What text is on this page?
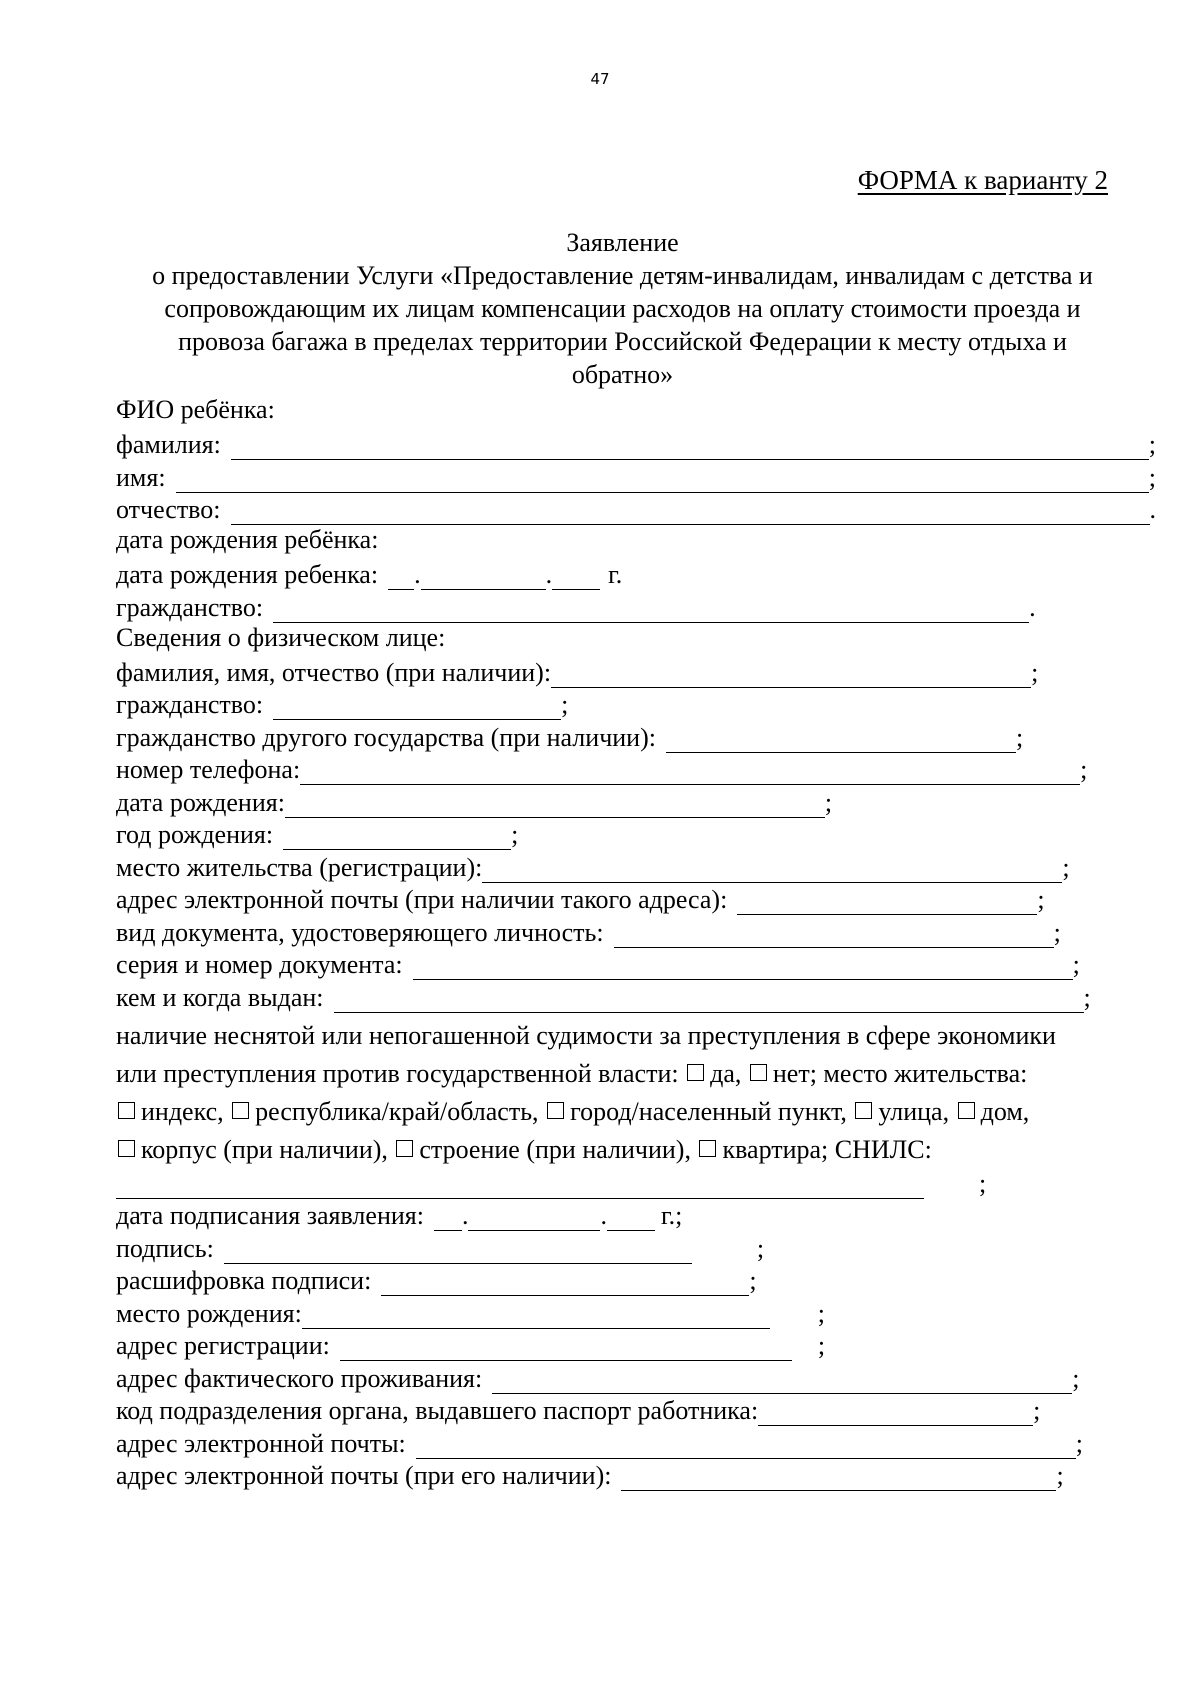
47
ФОРМА к варианту 2
Заявление
о предоставлении Услуги «Предоставление детям-инвалидам, инвалидам с детства и
сопровождающим их лицам компенсации расходов на оплату стоимости проезда и
провоза багажа в пределах территории Российской Федерации к месту отдыха и
обратно»
ФИО ребёнка:
фамилия:	;
имя:	;
отчество:	.
дата рождения ребёнка:
дата рождения ребенка: .	. г.
гражданство:	.
Сведения о физическом лице:
фамилия, имя, отчество (при наличии):	;
гражданство:	;
гражданство другого государства (при наличии):	;
номер телефона:	;
дата рождения:	;
год рождения:	;
место жительства (регистрации):	;
адрес электронной почты (при наличии такого адреса):	;
вид документа, удостоверяющего личность:	;
серия и номер документа:	;
кем и когда выдан:	;
наличие неснятой или непогашенной судимости за преступления в сфере экономики
или преступления против государственной власти: да, нет; место жительства:
индекс, республика/край/область, город/населенный пункт, улица, дом,
корпус (при наличии), строение (при наличии), квартира; СНИЛС:
;
дата подписания заявления: .	. г.;
подпись:	;
расшифровка подписи:	;
место рождения:	;
адрес регистрации:	;
адрес фактического проживания:	;
код подразделения органа, выдавшего паспорт работника:	;
адрес электронной почты:	;
адрес электронной почты (при его наличии):	;
